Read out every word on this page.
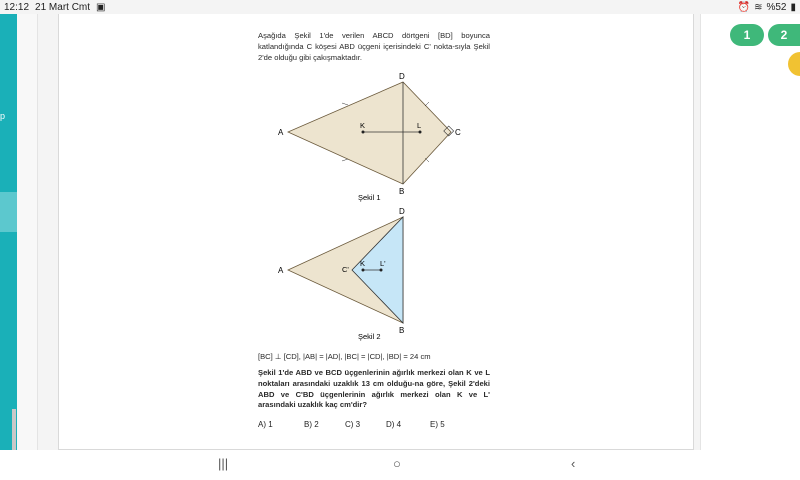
12:12 21 Mart Cmt ▣	⏰ ≋ %52 ▮
p
Aşağıda Şekil 1'de verilen ABCD dörtgeni [BD] boyunca katlandığında C köşesi ABD üçgeni içerisindeki C' nokta-sıyla Şekil 2'de olduğu gibi çakışmaktadır.
A
D
C
B
K	L
Şekil 1
A
D
C'
B
K L'
Şekil 2
[BC] ⊥ [CD], |AB| = |AD|, |BC| = |CD|, |BD| = 24 cm
Şekil 1'de ABD ve BCD üçgenlerinin ağırlık merkezi olan K ve L noktaları arasındaki uzaklık 13 cm olduğu-na göre, Şekil 2'deki ABD ve C'BD üçgenlerinin ağırlık merkezi olan K ve L' arasındaki uzaklık kaç cm'dir?
A) 1	B) 2	C) 3	D) 4	E) 5
1	2
|||	○	‹
